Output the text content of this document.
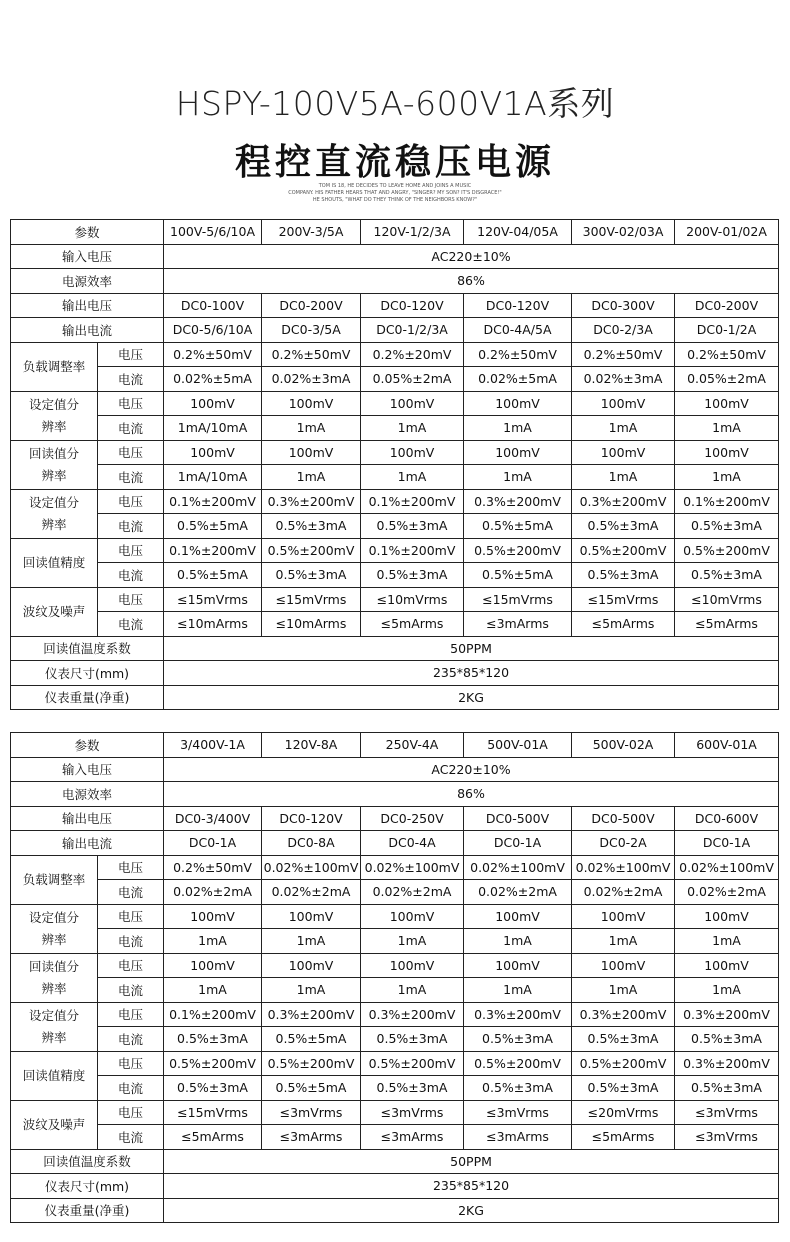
HSPY-100V5A-600V1A系列
程控直流稳压电源
TOM IS 18, HE DECIDES TO LEAVE HOME AND JOINS A MUSIC
COMPANY. HIS FATHER HEARS THAT AND ANGRY, "SINGER? MY SON? IT'S DISGRACE!"
HE SHOUTS, "WHAT DO THEY THINK OF THE NEIGHBORS KNOW?"
参数		100V-5/6/10A	200V-3/5A	120V-1/2/3A	120V-04/05A	300V-02/03A	200V-01/02A
输入电压		AC220±10%					
电源效率		86%					
输出电压		DC0-100V	DC0-200V	DC0-120V	DC0-120V	DC0-300V	DC0-200V
输出电流		DC0-5/6/10A	DC0-3/5A	DC0-1/2/3A	DC0-4A/5A	DC0-2/3A	DC0-1/2A
负载调整率	电压	0.2%±50mV	0.2%±50mV	0.2%±20mV	0.2%±50mV	0.2%±50mV	0.2%±50mV
	电流	0.02%±5mA	0.02%±3mA	0.05%±2mA	0.02%±5mA	0.02%±3mA	0.05%±2mA
设定值分辨率	电压	100mV	100mV	100mV	100mV	100mV	100mV
	电流	1mA/10mA	1mA	1mA	1mA	1mA	1mA
回读值分辨率	电压	100mV	100mV	100mV	100mV	100mV	100mV
	电流	1mA/10mA	1mA	1mA	1mA	1mA	1mA
设定值分辨率	电压	0.1%±200mV	0.3%±200mV	0.1%±200mV	0.3%±200mV	0.3%±200mV	0.1%±200mV
	电流	0.5%±5mA	0.5%±3mA	0.5%±3mA	0.5%±5mA	0.5%±3mA	0.5%±3mA
回读值精度	电压	0.1%±200mV	0.5%±200mV	0.1%±200mV	0.5%±200mV	0.5%±200mV	0.5%±200mV
	电流	0.5%±5mA	0.5%±3mA	0.5%±3mA	0.5%±5mA	0.5%±3mA	0.5%±3mA
波纹及噪声	电压	≤15mVrms	≤15mVrms	≤10mVrms	≤15mVrms	≤15mVrms	≤10mVrms
	电流	≤10mArms	≤10mArms	≤5mArms	≤3mArms	≤5mArms	≤5mArms
回读值温度系数		50PPM					
仪表尺寸(mm)		235*85*120					
仪表重量(净重)		2KG					
参数		3/400V-1A	120V-8A	250V-4A	500V-01A	500V-02A	600V-01A
输入电压		AC220±10%					
电源效率		86%					
输出电压		DC0-3/400V	DC0-120V	DC0-250V	DC0-500V	DC0-500V	DC0-600V
输出电流		DC0-1A	DC0-8A	DC0-4A	DC0-1A	DC0-2A	DC0-1A
负载调整率	电压	0.2%±50mV	0.02%±100mV	0.02%±100mV	0.02%±100mV	0.02%±100mV	0.02%±100mV
	电流	0.02%±2mA	0.02%±2mA	0.02%±2mA	0.02%±2mA	0.02%±2mA	0.02%±2mA
设定值分辨率	电压	100mV	100mV	100mV	100mV	100mV	100mV
	电流	1mA	1mA	1mA	1mA	1mA	1mA
回读值分辨率	电压	100mV	100mV	100mV	100mV	100mV	100mV
	电流	1mA	1mA	1mA	1mA	1mA	1mA
设定值分辨率	电压	0.1%±200mV	0.3%±200mV	0.3%±200mV	0.3%±200mV	0.3%±200mV	0.3%±200mV
	电流	0.5%±3mA	0.5%±5mA	0.5%±3mA	0.5%±3mA	0.5%±3mA	0.5%±3mA
回读值精度	电压	0.5%±200mV	0.5%±200mV	0.5%±200mV	0.5%±200mV	0.5%±200mV	0.3%±200mV
	电流	0.5%±3mA	0.5%±5mA	0.5%±3mA	0.5%±3mA	0.5%±3mA	0.5%±3mA
波纹及噪声	电压	≤15mVrms	≤3mVrms	≤3mVrms	≤3mVrms	≤20mVrms	≤3mVrms
	电流	≤5mArms	≤3mArms	≤3mArms	≤3mArms	≤5mArms	≤3mVrms
回读值温度系数		50PPM					
仪表尺寸(mm)		235*85*120					
仪表重量(净重)		2KG					
